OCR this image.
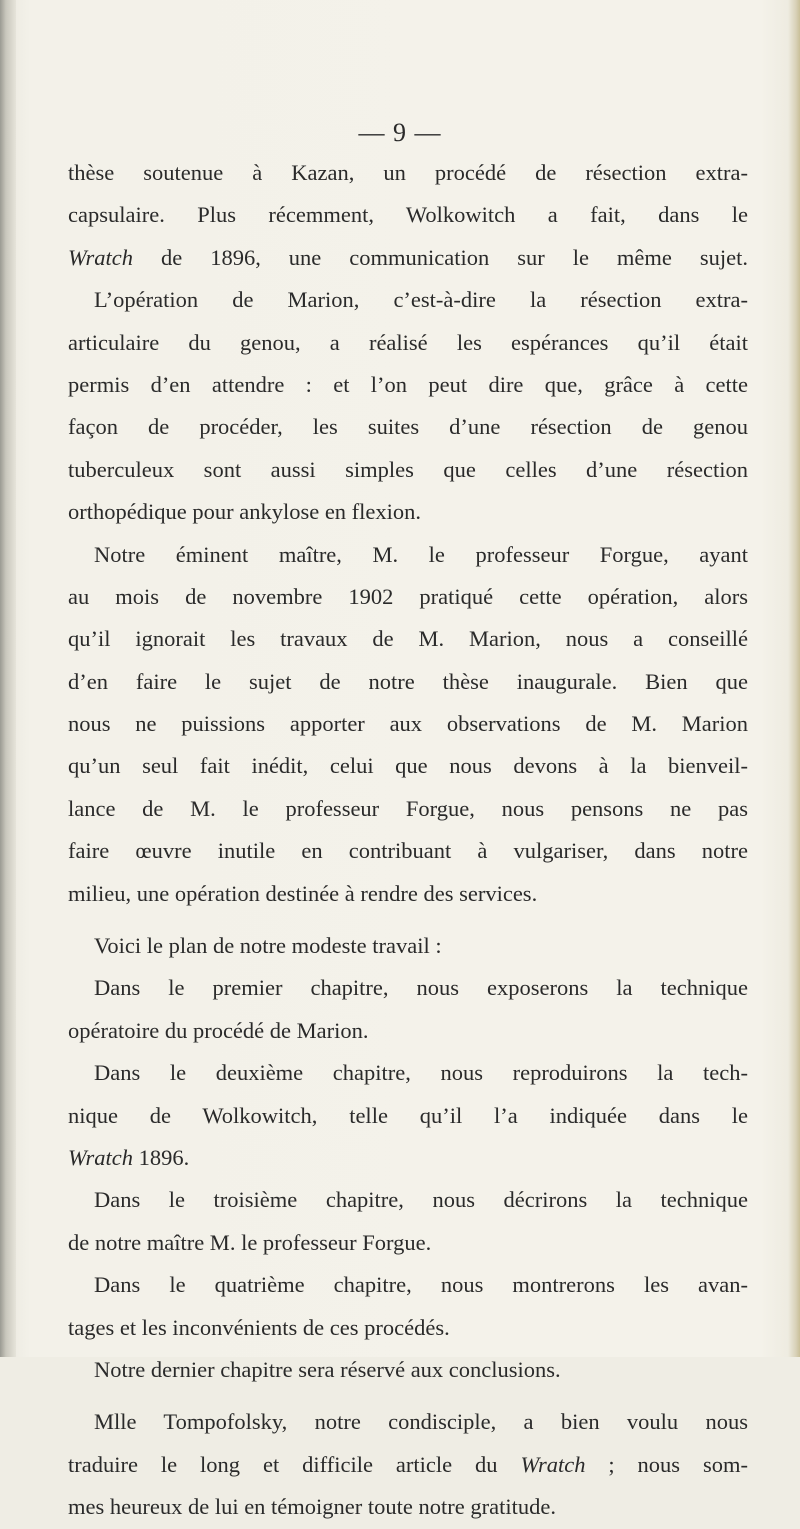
— 9 —
thèse soutenue à Kazan, un procédé de résection extra-
capsulaire. Plus récemment, Wolkowitch a fait, dans le
Wratch de 1896, une communication sur le même sujet.
L’opération de Marion, c’est-à-dire la résection extra-
articulaire du genou, a réalisé les espérances qu’il était
permis d’en attendre : et l’on peut dire que, grâce à cette
façon de procéder, les suites d’une résection de genou
tuberculeux sont aussi simples que celles d’une résection
orthopédique pour ankylose en flexion.
Notre éminent maître, M. le professeur Forgue, ayant
au mois de novembre 1902 pratiqué cette opération, alors
qu’il ignorait les travaux de M. Marion, nous a conseillé
d’en faire le sujet de notre thèse inaugurale. Bien que
nous ne puissions apporter aux observations de M. Marion
qu’un seul fait inédit, celui que nous devons à la bienveil-
lance de M. le professeur Forgue, nous pensons ne pas
faire œuvre inutile en contribuant à vulgariser, dans notre
milieu, une opération destinée à rendre des services.
Voici le plan de notre modeste travail :
Dans le premier chapitre, nous exposerons la technique
opératoire du procédé de Marion.
Dans le deuxième chapitre, nous reproduirons la tech-
nique de Wolkowitch, telle qu’il l’a indiquée dans le
Wratch 1896.
Dans le troisième chapitre, nous décrirons la technique
de notre maître M. le professeur Forgue.
Dans le quatrième chapitre, nous montrerons les avan-
tages et les inconvénients de ces procédés.
Notre dernier chapitre sera réservé aux conclusions.
Mlle Tompofolsky, notre condisciple, a bien voulu nous
traduire le long et difficile article du Wratch ; nous som-
mes heureux de lui en témoigner toute notre gratitude.
